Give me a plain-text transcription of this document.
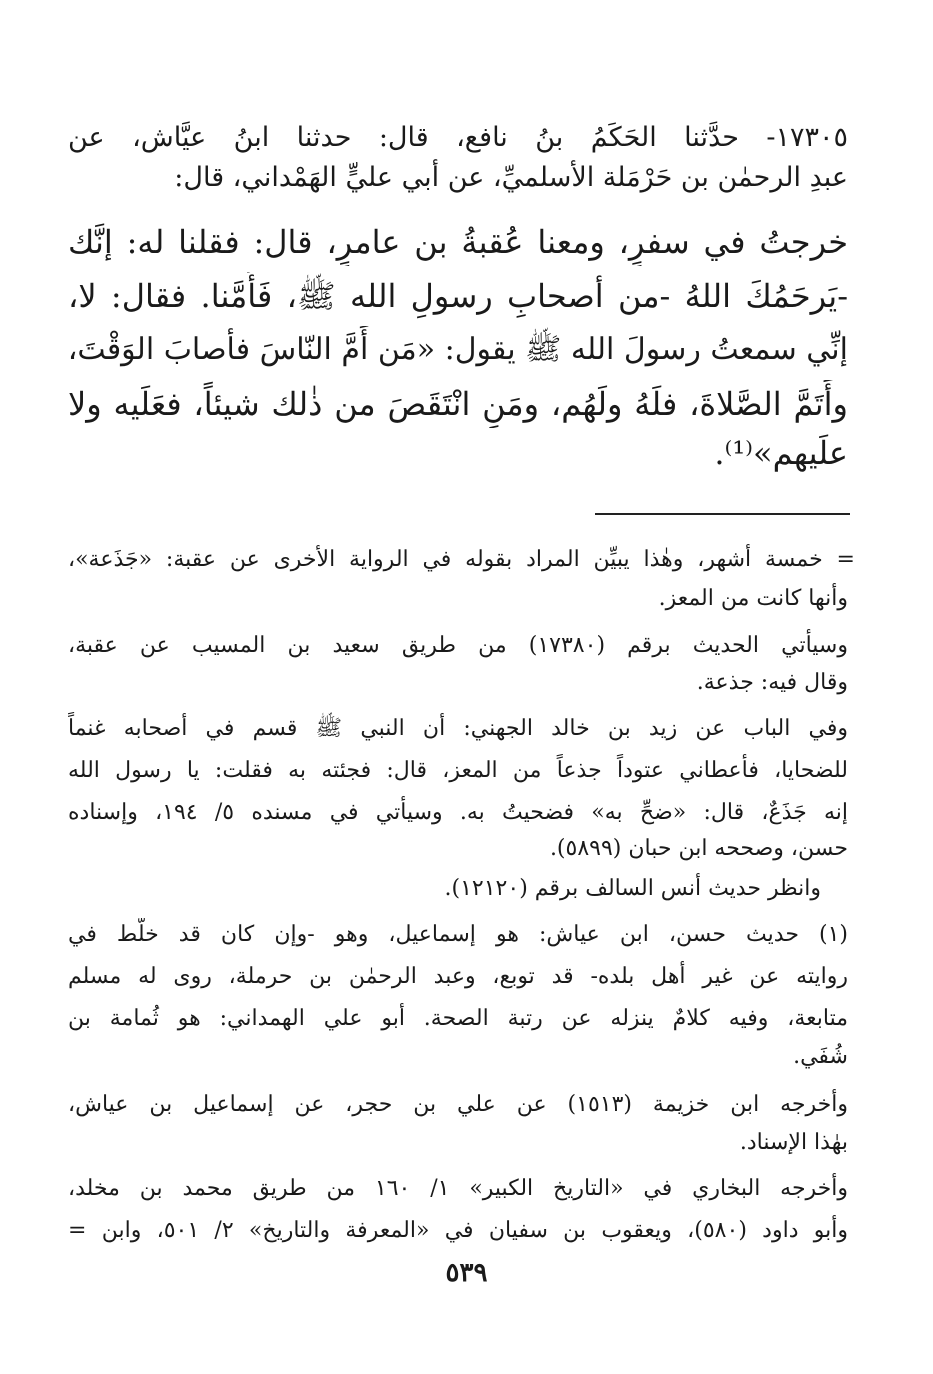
١٧٣٠٥- حدَّثنا الحَكَمُ بنُ نافع، قال: حدثنا ابنُ عيَّاش، عن
عبدِ الرحمٰن بن حَرْمَلة الأسلميِّ، عن أبي عليٍّ الهَمْداني، قال:
خرجتُ في سفرٍ، ومعنا عُقبةُ بن عامرٍ، قال: فقلنا له: إنَّك
-يَرحَمُكَ اللهُ -من أصحابِ رسولِ الله ﷺ، فَأُمَّنا. فقال: لا،
إنِّي سمعتُ رسولَ الله ﷺ يقول: «مَن أَمَّ النّاسَ فأصابَ الوَقْتَ،
وأَتَمَّ الصَّلاةَ، فلَهُ ولَهُم، ومَنِ انْتَقَصَ من ذٰلك شيئاً، فعَلَيه ولا
علَيهم»⁽¹⁾.
= خمسة أشهر، وهٰذا يبيِّن المراد بقوله في الرواية الأخرى عن عقبة: «جَذَعة»،
وأنها كانت من المعز.
وسيأتي الحديث برقم (١٧٣٨٠) من طريق سعيد بن المسيب عن عقبة،
وقال فيه: جذعة.
وفي الباب عن زيد بن خالد الجهني: أن النبي ﷺ قسم في أصحابه غنماً
للضحايا، فأعطاني عتوداً جذعاً من المعز، قال: فجئته به فقلت: يا رسول الله
إنه جَذَعٌ، قال: «ضحِّ به» فضحيتُ به. وسيأتي في مسنده ٥/ ١٩٤، وإسناده
حسن، وصححه ابن حبان (٥٨٩٩).
وانظر حديث أنس السالف برقم (١٢١٢٠).
(١) حديث حسن، ابن عياش: هو إسماعيل، وهو -وإن كان قد خلَّط في
روايته عن غير أهل بلده- قد توبع، وعبد الرحمٰن بن حرملة، روى له مسلم
متابعة، وفيه كلامٌ ينزله عن رتبة الصحة. أبو علي الهمداني: هو ثُمامة بن
شُفَي.
وأخرجه ابن خزيمة (١٥١٣) عن علي بن حجر، عن إسماعيل بن عياش،
بهٰذا الإسناد.
وأخرجه البخاري في «التاريخ الكبير» ١/ ١٦٠ من طريق محمد بن مخلد،
وأبو داود (٥٨٠)، ويعقوب بن سفيان في «المعرفة والتاريخ» ٢/ ٥٠١، وابن =
٥٣٩
